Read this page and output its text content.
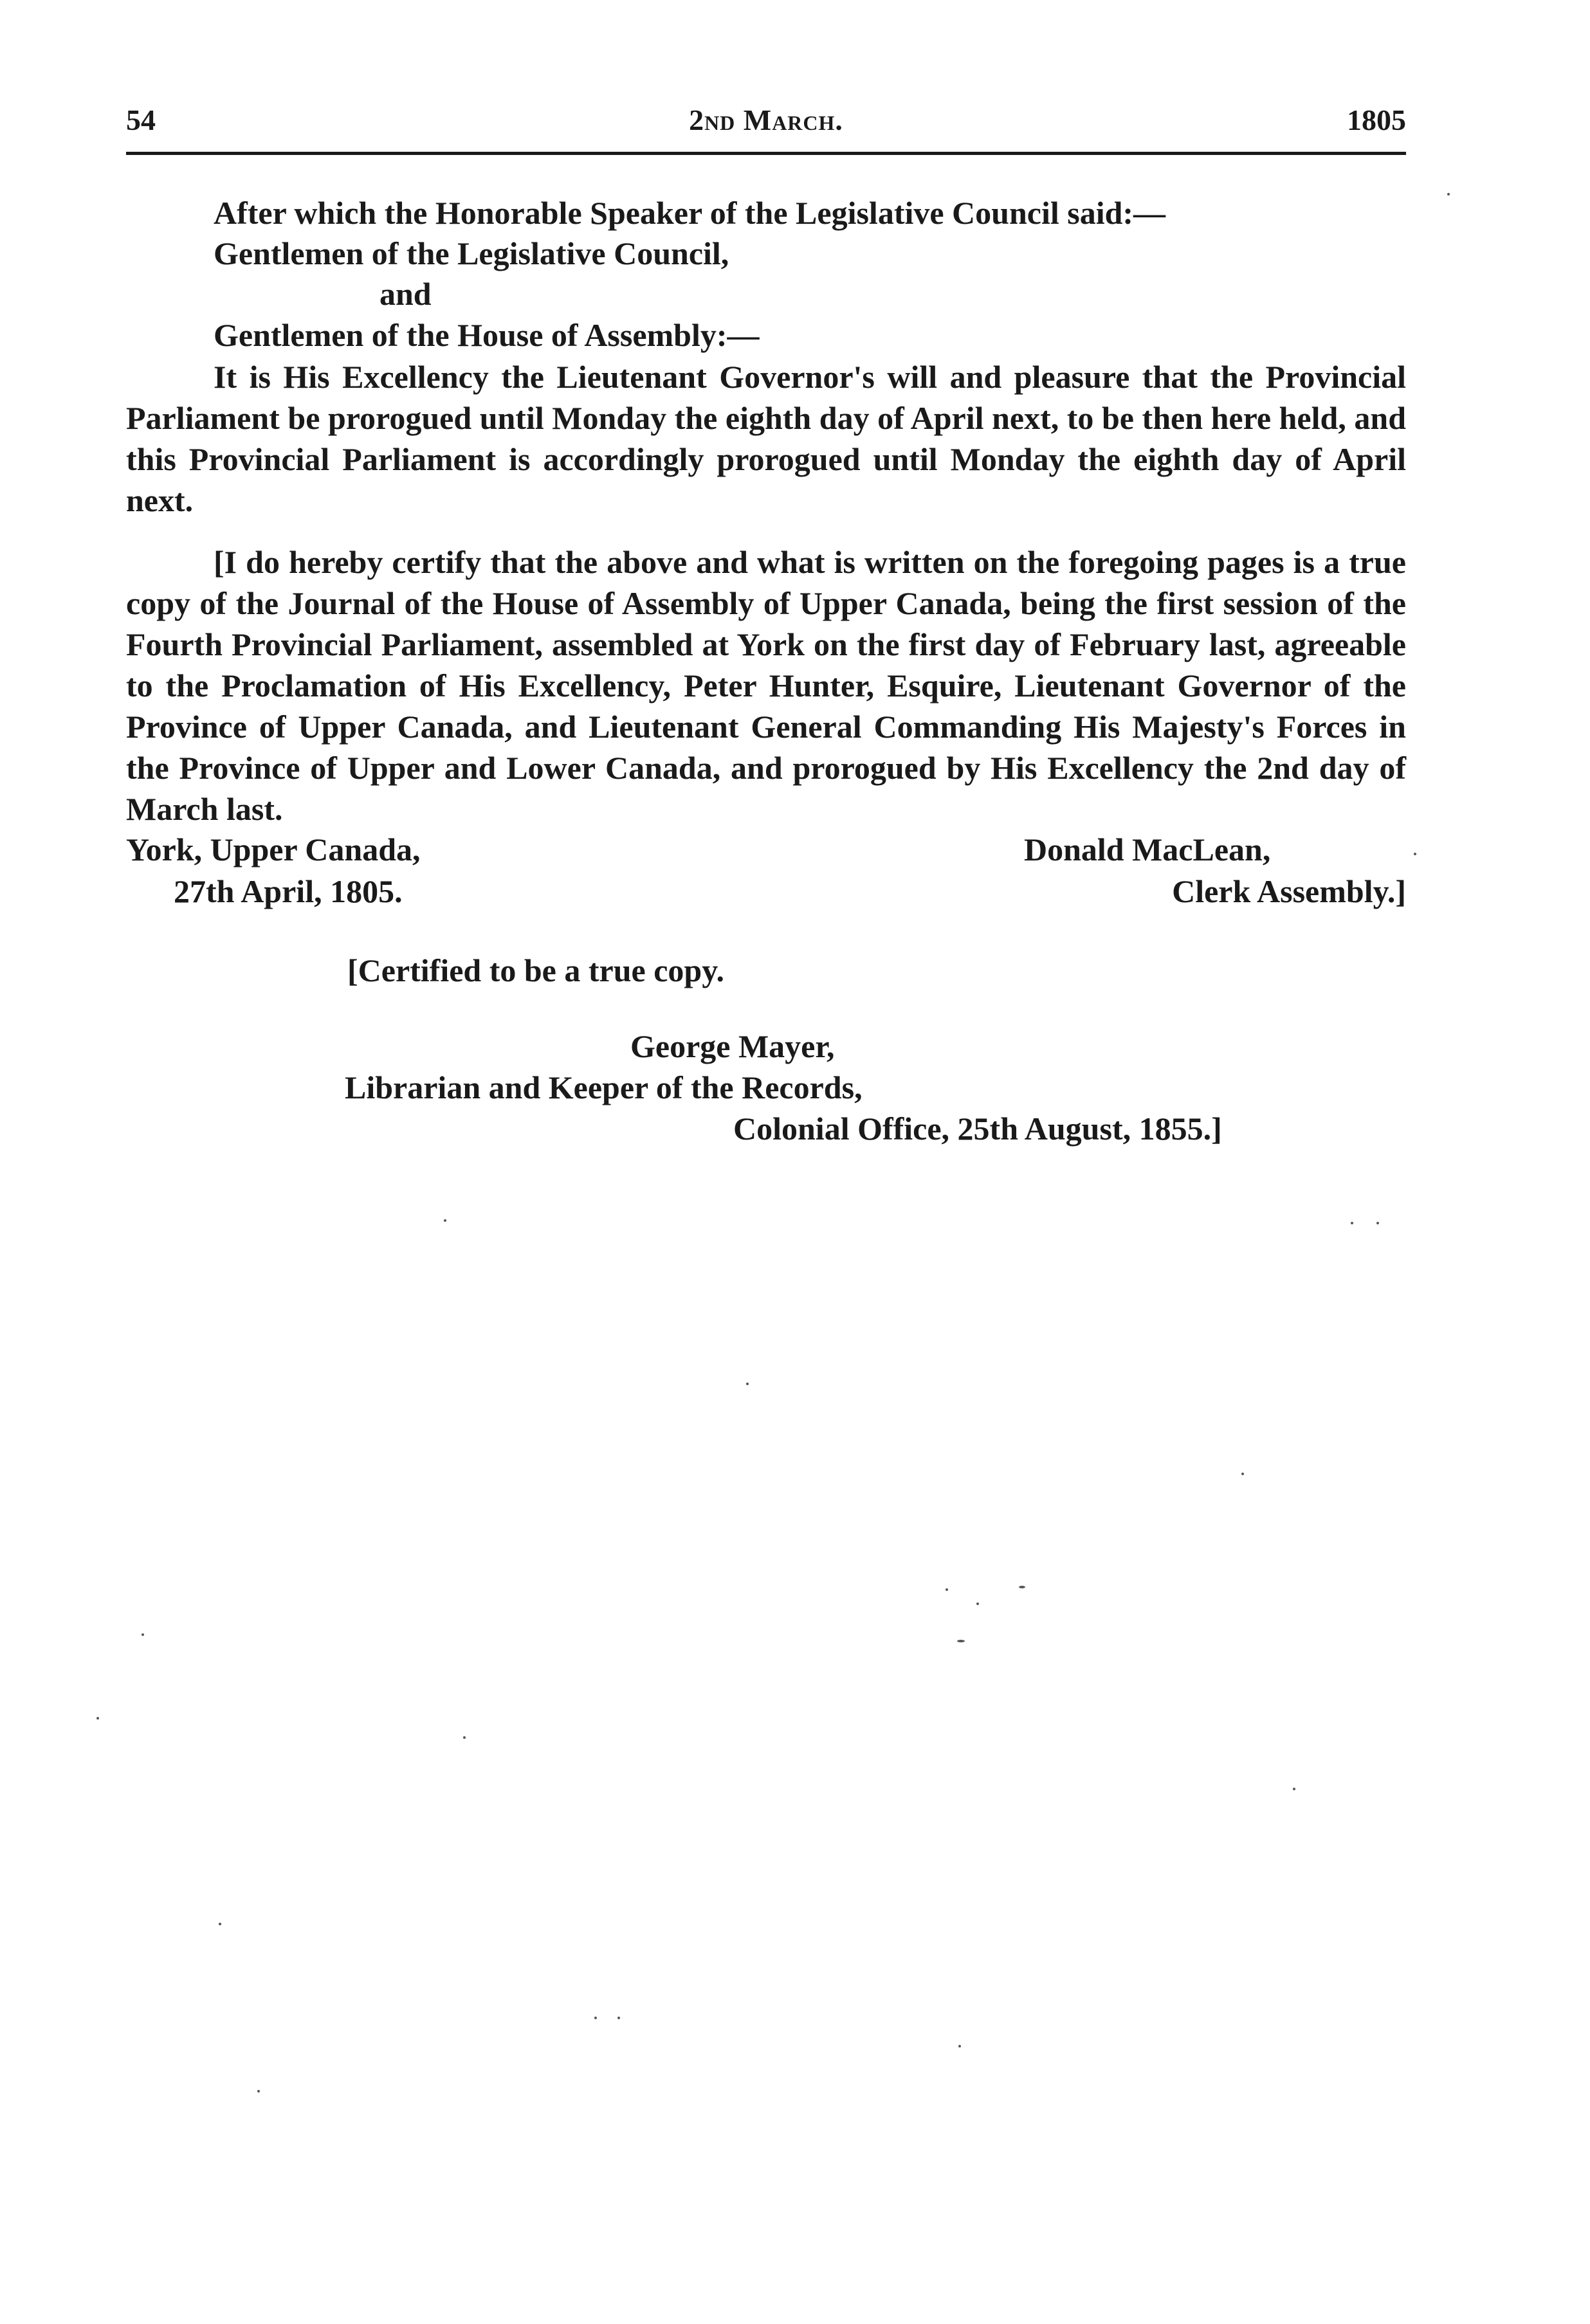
54	2nd March.	1805
After which the Honorable Speaker of the Legislative Council said:—
Gentlemen of the Legislative Council,
and
Gentlemen of the House of Assembly:—
It is His Excellency the Lieutenant Governor's will and pleasure that the Provincial Parliament be prorogued until Monday the eighth day of April next, to be then here held, and this Provincial Parliament is accordingly prorogued until Monday the eighth day of April next.
[I do hereby certify that the above and what is written on the foregoing pages is a true copy of the Journal of the House of Assembly of Upper Canada, being the first session of the Fourth Provincial Parliament, assembled at York on the first day of February last, agreeable to the Proclamation of His Excellency, Peter Hunter, Esquire, Lieutenant Governor of the Province of Upper Canada, and Lieutenant General Commanding His Majesty's Forces in the Province of Upper and Lower Canada, and prorogued by His Excellency the 2nd day of March last.
York, Upper Canada,	Donald MacLean,
27th April, 1805.	Clerk Assembly.]
[Certified to be a true copy.
George Mayer,
Librarian and Keeper of the Records,
Colonial Office, 25th August, 1855.]
